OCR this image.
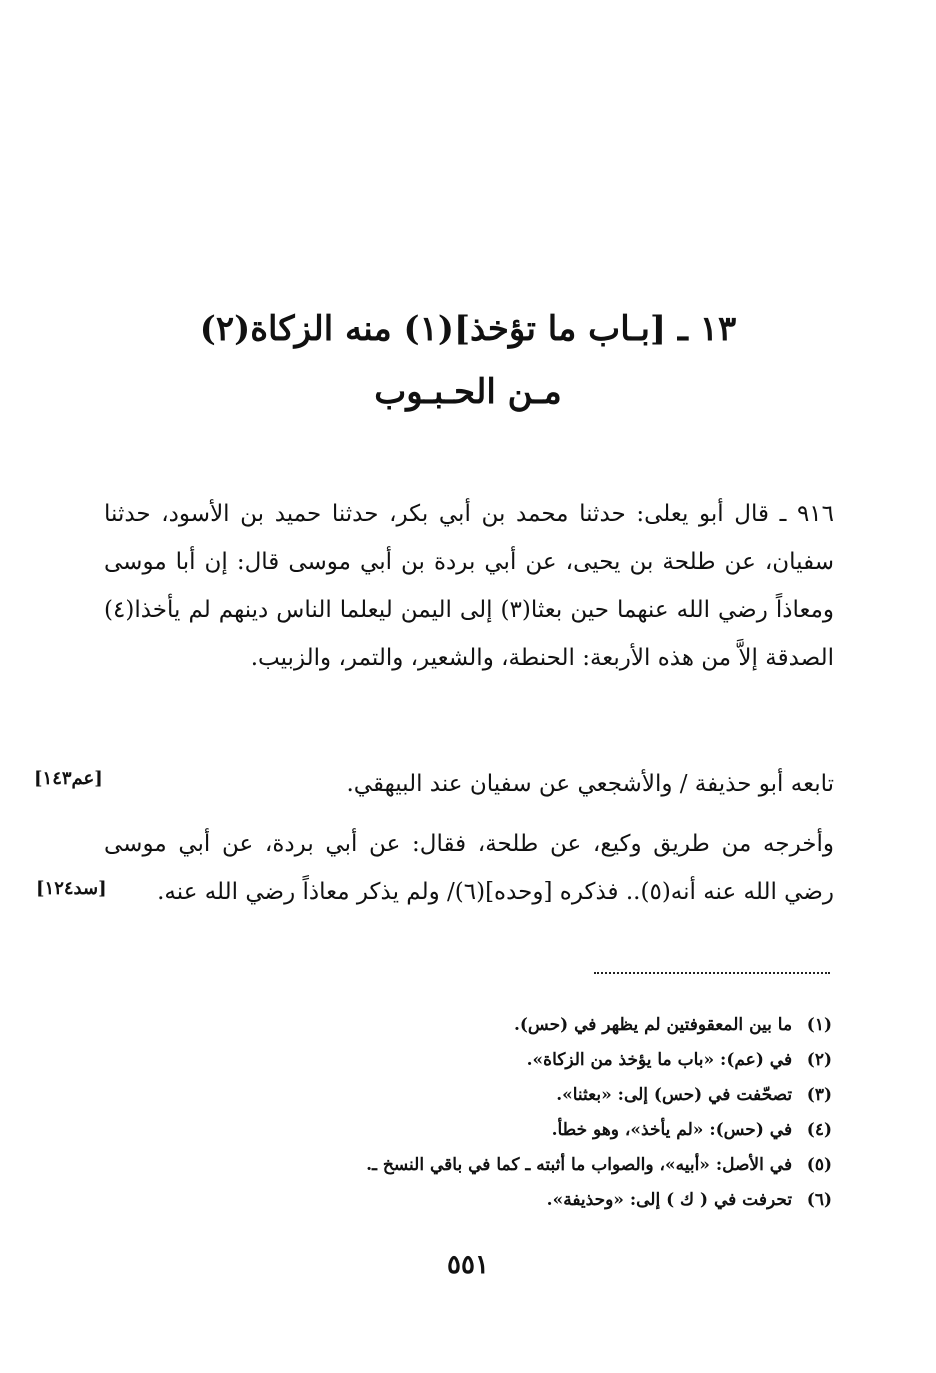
١٣ ـ [بـاب ما تؤخذ](١) منه الزكاة(٢)
مـن الحـبـوب

٩١٦ ـ قال أبو يعلى: حدثنا محمد بن أبي بكر، حدثنا حميد بن الأسود، حدثنا سفيان، عن طلحة بن يحيى، عن أبي بردة بن أبي موسى قال: إن أبا موسى ومعاذاً رضي الله عنهما حين بعثا(٣) إلى اليمن ليعلما الناس دينهم لم يأخذا(٤) الصدقة إلاَّ من هذه الأربعة: الحنطة، والشعير، والتمر، والزبيب.

تابعه أبو حذيفة / والأشجعي عن سفيان عند البيهقي.

وأخرجه من طريق وكيع، عن طلحة، فقال: عن أبي بردة، عن أبي موسى رضي الله عنه أنه(٥).. فذكره [وحده](٦)/ ولم يذكر معاذاً رضي الله عنه.

[عم١٤٣]
[سد١٢٤]
(١) ما بين المعقوفتين لم يظهر في (حس).
(٢) في (عم): «باب ما يؤخذ من الزكاة».
(٣) تصحّفت في (حس) إلى: «بعثنا».
(٤) في (حس): «لم يأخذ»، وهو خطأ.
(٥) في الأصل: «أبيه»، والصواب ما أثبته ـ كما في باقي النسخ ـ.
(٦) تحرفت في ( ك ) إلى: «وحذيفة».
٥٥١
